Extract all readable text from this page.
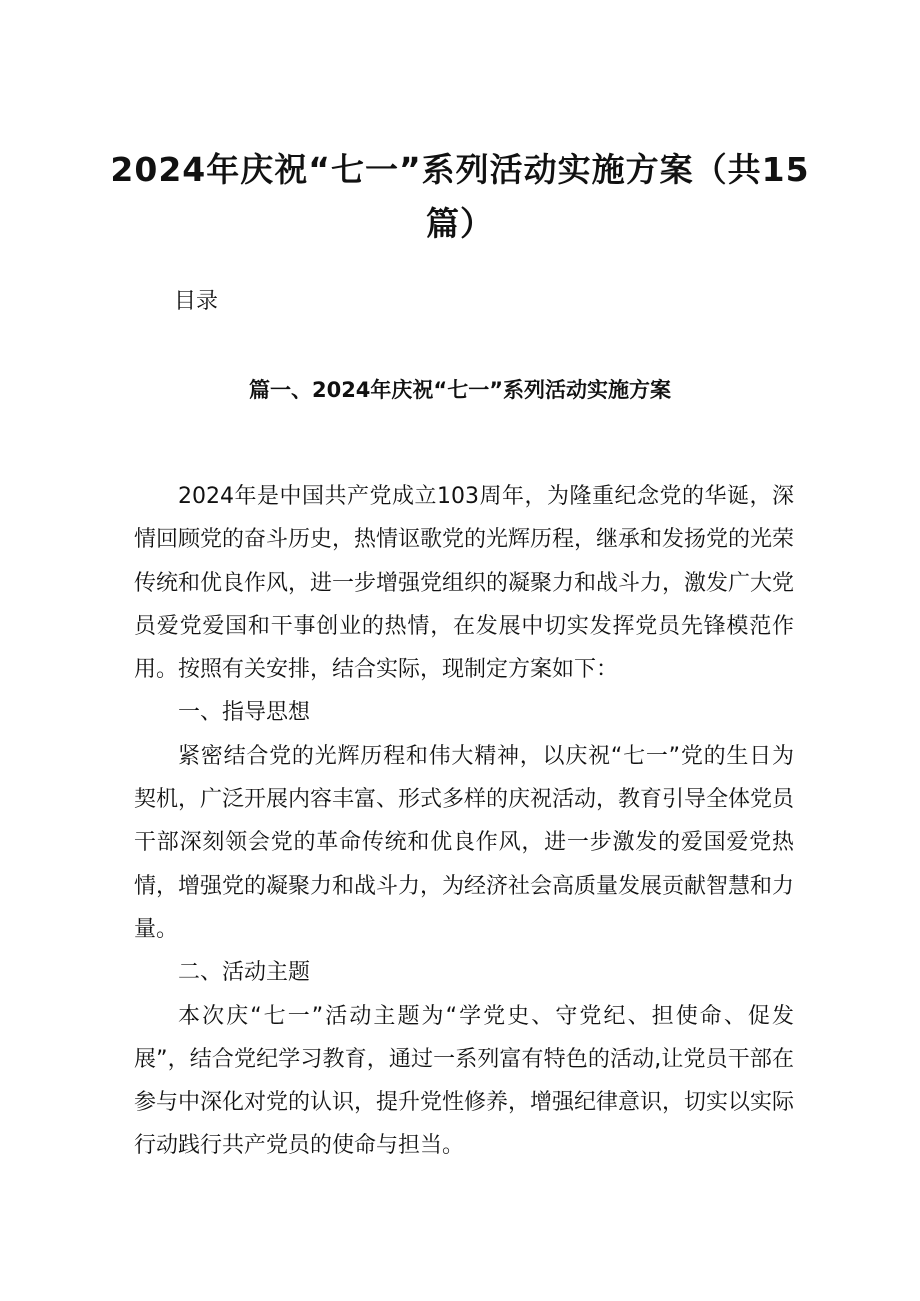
2024年庆祝“七一”系列活动实施方案（共15篇）
目录
篇一、2024年庆祝“七一”系列活动实施方案

2024年是中国共产党成立103周年，为隆重纪念党的华诞，深情回顾党的奋斗历史，热情讴歌党的光辉历程，继承和发扬党的光荣传统和优良作风，进一步增强党组织的凝聚力和战斗力，激发广大党员爱党爱国和干事创业的热情，在发展中切实发挥党员先锋模范作用。按照有关安排，结合实际，现制定方案如下：

一、指导思想

紧密结合党的光辉历程和伟大精神，以庆祝“七一”党的生日为契机，广泛开展内容丰富、形式多样的庆祝活动，教育引导全体党员干部深刻领会党的革命传统和优良作风，进一步激发的爱国爱党热情，增强党的凝聚力和战斗力，为经济社会高质量发展贡献智慧和力量。

二、活动主题

本次庆“七一”活动主题为“学党史、守党纪、担使命、促发展”，结合党纪学习教育，通过一系列富有特色的活动,让党员干部在参与中深化对党的认识，提升党性修养，增强纪律意识，切实以实际行动践行共产党员的使命与担当。
